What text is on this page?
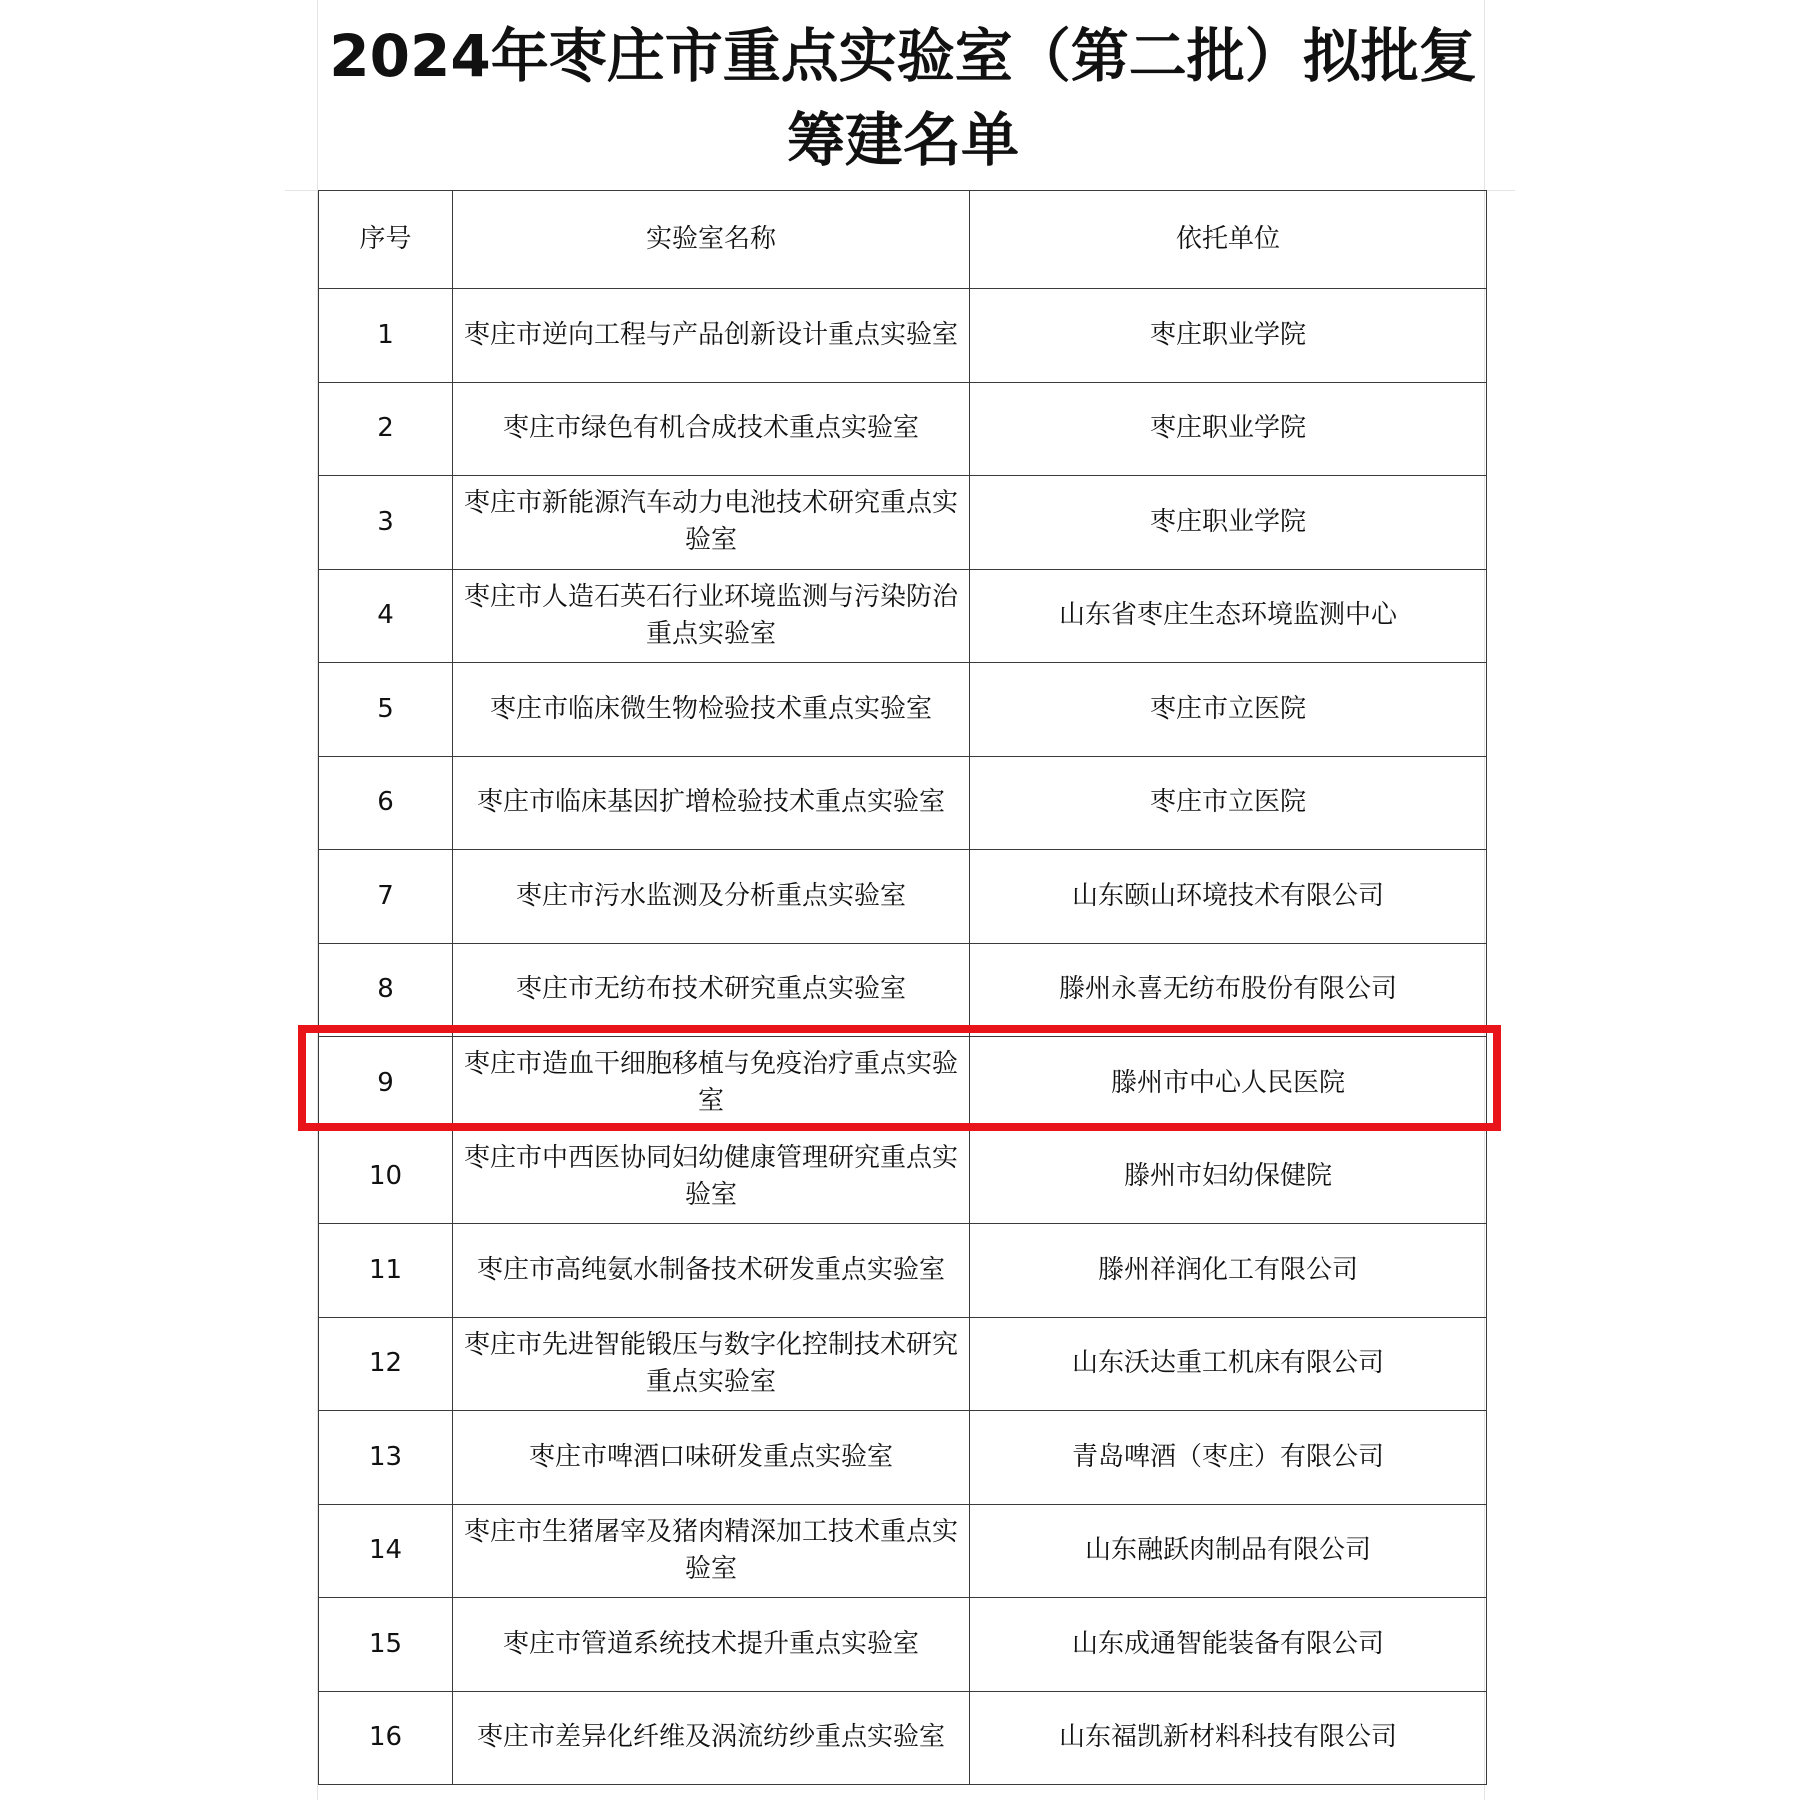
2024年枣庄市重点实验室（第二批）拟批复筹建名单
序号	实验室名称	依托单位
1	枣庄市逆向工程与产品创新设计重点实验室	枣庄职业学院
2	枣庄市绿色有机合成技术重点实验室	枣庄职业学院
3	枣庄市新能源汽车动力电池技术研究重点实验室	枣庄职业学院
4	枣庄市人造石英石行业环境监测与污染防治重点实验室	山东省枣庄生态环境监测中心
5	枣庄市临床微生物检验技术重点实验室	枣庄市立医院
6	枣庄市临床基因扩增检验技术重点实验室	枣庄市立医院
7	枣庄市污水监测及分析重点实验室	山东颐山环境技术有限公司
8	枣庄市无纺布技术研究重点实验室	滕州永喜无纺布股份有限公司
9	枣庄市造血干细胞移植与免疫治疗重点实验室	滕州市中心人民医院
10	枣庄市中西医协同妇幼健康管理研究重点实验室	滕州市妇幼保健院
11	枣庄市高纯氨水制备技术研发重点实验室	滕州祥润化工有限公司
12	枣庄市先进智能锻压与数字化控制技术研究重点实验室	山东沃达重工机床有限公司
13	枣庄市啤酒口味研发重点实验室	青岛啤酒（枣庄）有限公司
14	枣庄市生猪屠宰及猪肉精深加工技术重点实验室	山东融跃肉制品有限公司
15	枣庄市管道系统技术提升重点实验室	山东成通智能装备有限公司
16	枣庄市差异化纤维及涡流纺纱重点实验室	山东福凯新材料科技有限公司
